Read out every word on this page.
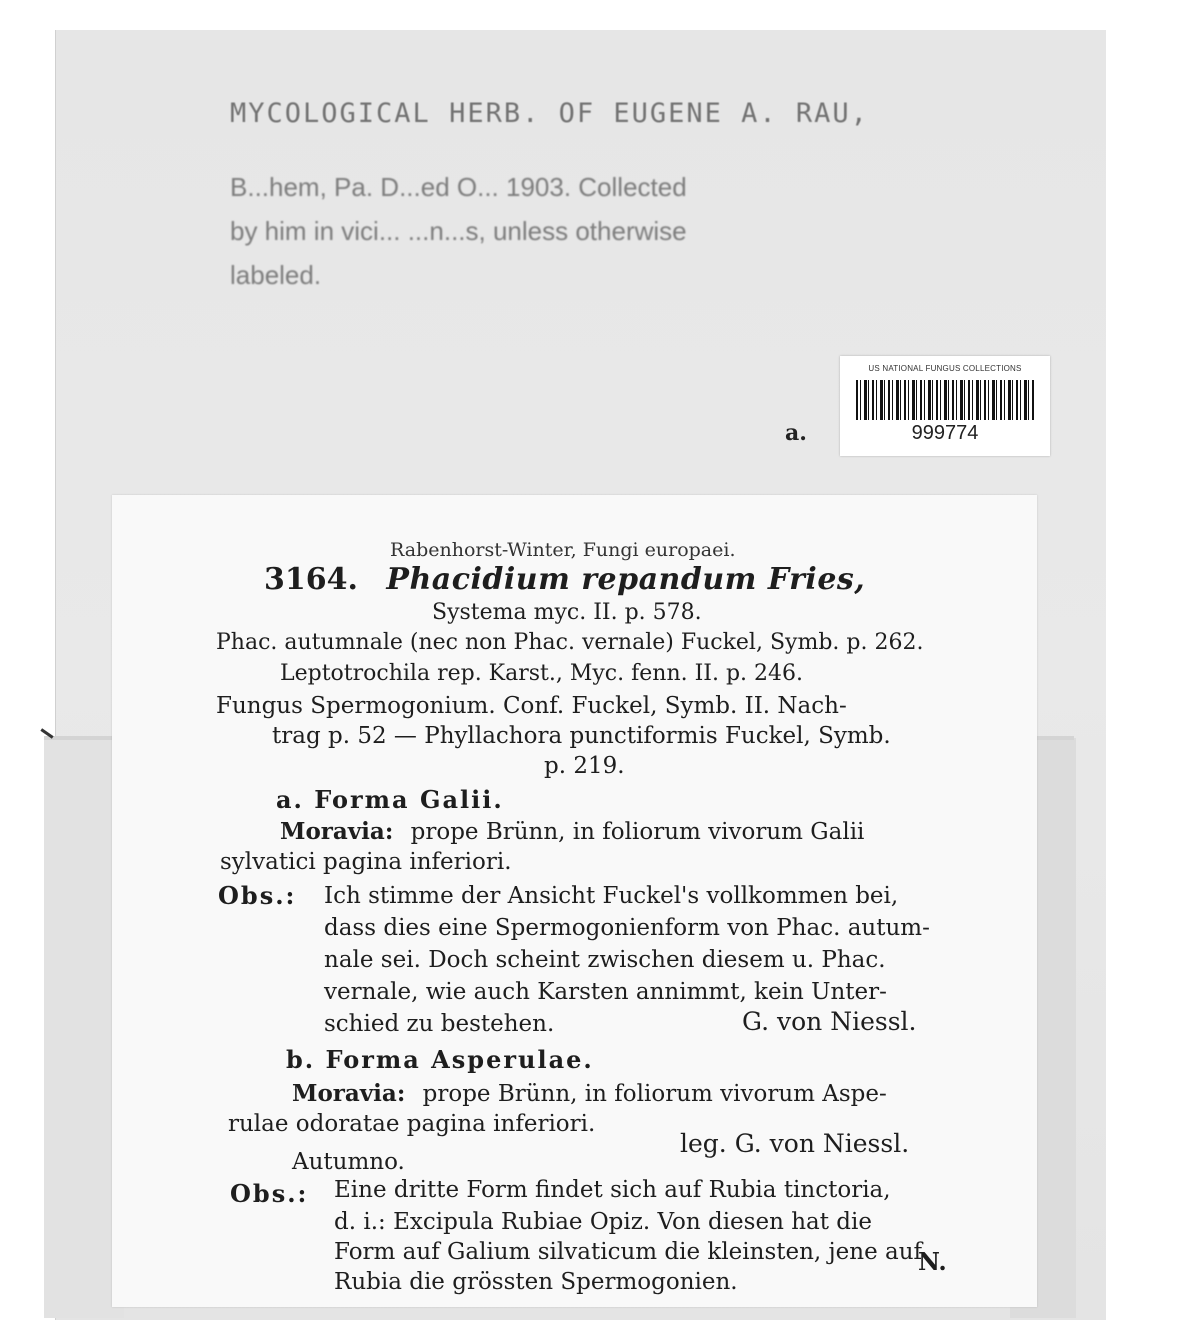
MYCOLOGICAL HERB. OF EUGENE A. RAU,
B...hem, Pa. D...ed O... 1903. Collected
by him in vici... ...n...s, unless otherwise
labeled.
a.
US NATIONAL FUNGUS COLLECTIONS
999774
Rabenhorst-Winter, Fungi europaei.
3164. Phacidium repandum Fries,
Systema myc. II. p. 578.
Phac. autumnale (nec non Phac. vernale) Fuckel, Symb. p. 262.
Leptotrochila rep. Karst., Myc. fenn. II. p. 246.
Fungus Spermogonium. Conf. Fuckel, Symb. II. Nach-
trag p. 52 — Phyllachora punctiformis Fuckel, Symb.
p. 219.
a. Forma Galii.
Moravia: prope Brünn, in foliorum vivorum Galii
sylvatici pagina inferiori.
Obs.: Ich stimme der Ansicht Fuckel's vollkommen bei,
dass dies eine Spermogonienform von Phac. autum-
nale sei. Doch scheint zwischen diesem u. Phac.
vernale, wie auch Karsten annimmt, kein Unter-
schied zu bestehen.	G. von Niessl.
b. Forma Asperulae.
Moravia: prope Brünn, in foliorum vivorum Aspe-
rulae odoratae pagina inferiori.
leg. G. von Niessl.
Autumno.
Obs.: Eine dritte Form findet sich auf Rubia tinctoria,
d. i.: Excipula Rubiae Opiz. Von diesen hat die
Form auf Galium silvaticum die kleinsten, jene auf
Rubia die grössten Spermogonien.
N.
